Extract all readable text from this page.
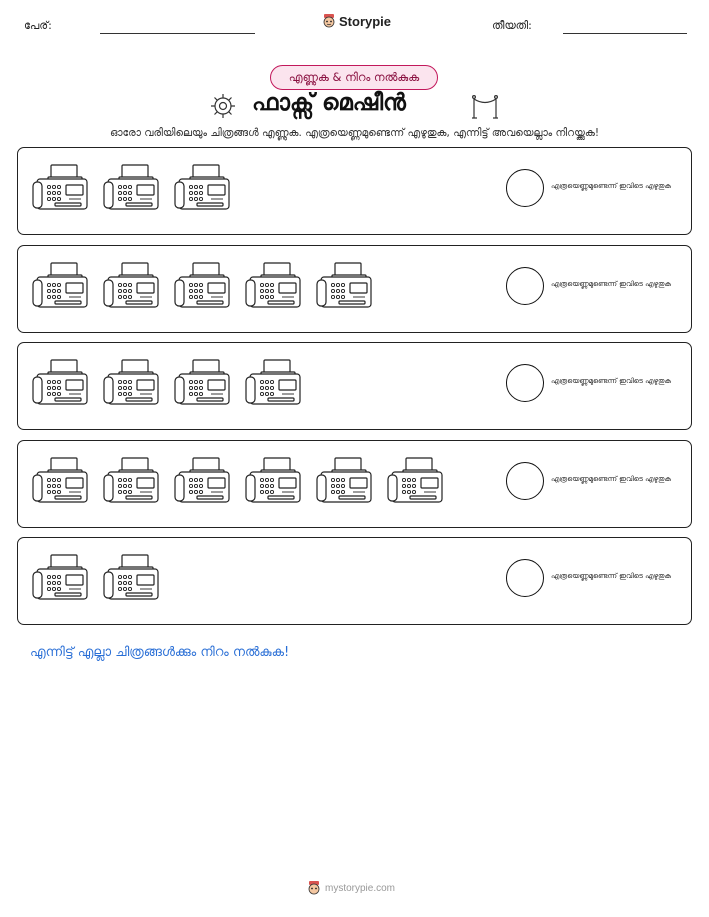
പേര്:	Storypie	തീയതി:
എണ്ണുക & നിറം നൽകുക
ഫാക്സ് മെഷീൻ
ഓരോ വരിയിലെയും ചിത്രങ്ങൾ എണ്ണുക. എത്രയെണ്ണമുണ്ടെന്ന് എഴുതുക, എന്നിട്ട് അവയെല്ലാം നിറയ്ക്കുക!
എത്രയെണ്ണമുണ്ടെന്ന് ഇവിടെ എഴുതുക
എത്രയെണ്ണമുണ്ടെന്ന് ഇവിടെ എഴുതുക
എത്രയെണ്ണമുണ്ടെന്ന് ഇവിടെ എഴുതുക
എത്രയെണ്ണമുണ്ടെന്ന് ഇവിടെ എഴുതുക
എത്രയെണ്ണമുണ്ടെന്ന് ഇവിടെ എഴുതുക
എന്നിട്ട് എല്ലാ ചിത്രങ്ങൾക്കും നിറം നൽകുക!
mystorypie.com
